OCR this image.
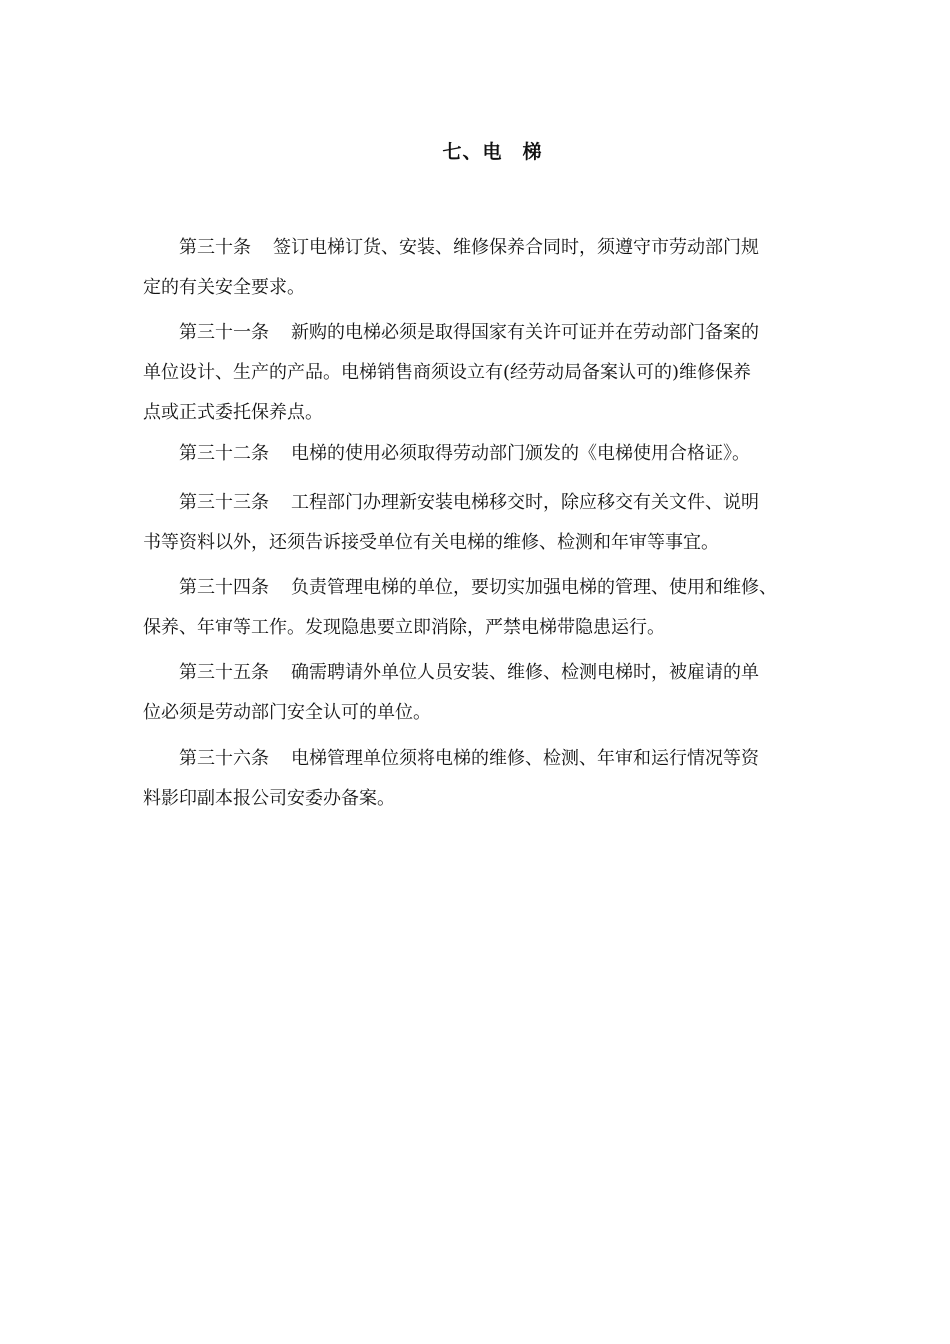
七、电　梯
第三十条 签订电梯订货、安装、维修保养合同时，须遵守市劳动部门规
定的有关安全要求。
第三十一条 新购的电梯必须是取得国家有关许可证并在劳动部门备案的
单位设计、生产的产品。电梯销售商须设立有(经劳动局备案认可的)维修保养
点或正式委托保养点。
第三十二条 电梯的使用必须取得劳动部门颁发的《电梯使用合格证》。
第三十三条 工程部门办理新安装电梯移交时，除应移交有关文件、说明
书等资料以外，还须告诉接受单位有关电梯的维修、检测和年审等事宜。
第三十四条 负责管理电梯的单位，要切实加强电梯的管理、使用和维修、
保养、年审等工作。发现隐患要立即消除，严禁电梯带隐患运行。
第三十五条 确需聘请外单位人员安装、维修、检测电梯时，被雇请的单
位必须是劳动部门安全认可的单位。
第三十六条 电梯管理单位须将电梯的维修、检测、年审和运行情况等资
料影印副本报公司安委办备案。
